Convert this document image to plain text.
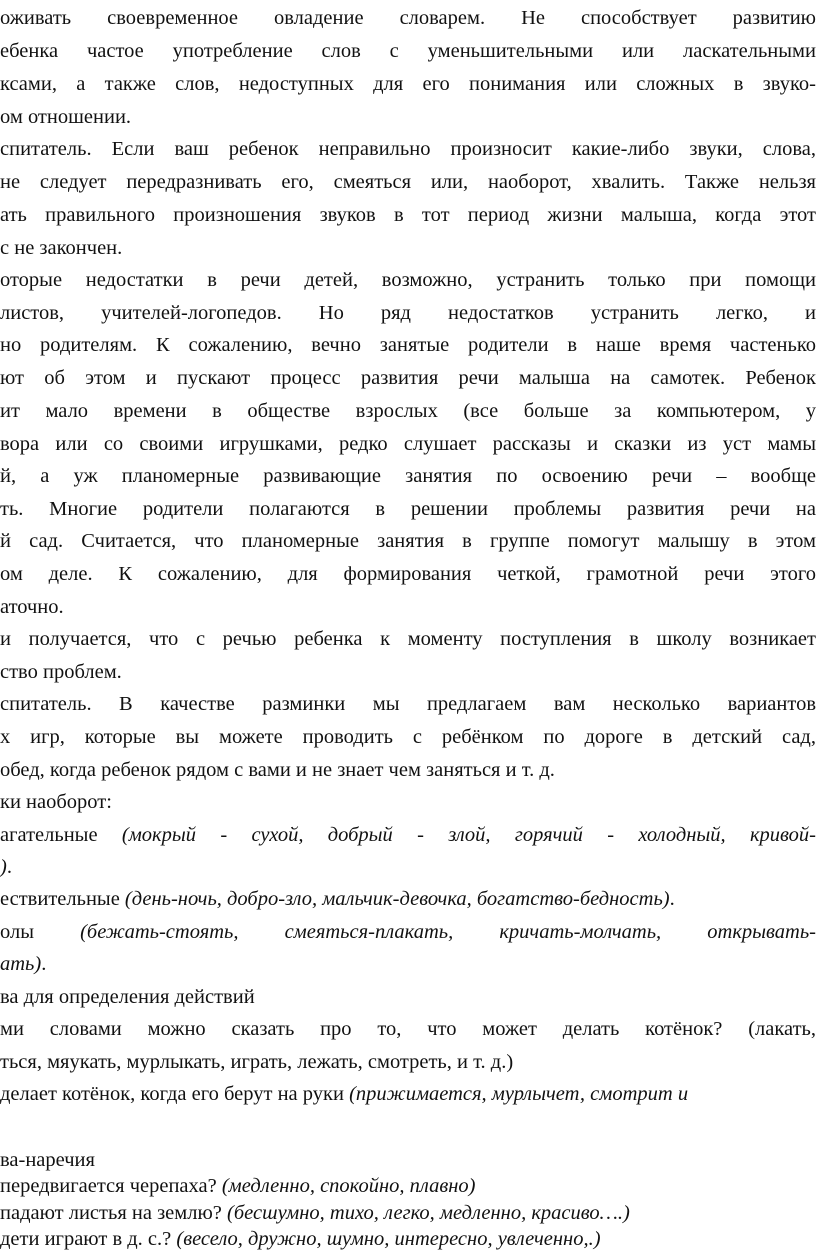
оживать своевременное овладение словарем. Не способствует развитию
ебенка частое употребление слов с уменьшительными или ласкательными
ксами, а также слов, недоступных для его понимания или сложных в звуко-
ом отношении.
спитатель. Если ваш ребенок неправильно произносит какие-либо звуки, слова,
не следует передразнивать его, смеяться или, наоборот, хвалить. Также нельзя
ать правильного произношения звуков в тот период жизни малыша, когда этот
с не закончен.
оторые недостатки в речи детей, возможно, устранить только при помощи
листов, учителей-логопедов. Но ряд недостатков устранить легко, и
но родителям. К сожалению, вечно занятые родители в наше время частенько
ют об этом и пускают процесс развития речи малыша на самотек. Ребенок
ит мало времени в обществе взрослых (все больше за компьютером, у
вора или со своими игрушками, редко слушает рассказы и сказки из уст мамы
й, а уж планомерные развивающие занятия по освоению речи – вообще
ть. Многие родители полагаются в решении проблемы развития речи на
й сад. Считается, что планомерные занятия в группе помогут малышу в этом
ом деле. К сожалению, для формирования четкой, грамотной речи этого
аточно.
и получается, что с речью ребенка к моменту поступления в школу возникает
ство проблем.
спитатель. В качестве разминки мы предлагаем вам несколько вариантов
х игр, которые вы можете проводить с ребёнком по дороге в детский сад,
обед, когда ребенок рядом с вами и не знает чем заняться и т. д.
ки наоборот:
агательные (мокрый - сухой, добрый - злой, горячий - холодный, кривой-
).
ествительные (день-ночь, добро-зло, мальчик-девочка, богатство-бедность).
олы (бежать-стоять, смеяться-плакать, кричать-молчать, открывать-
ать).
ва для определения действий
ми словами можно сказать про то, что может делать котёнок? (лакать,
ться, мяукать, мурлыкать, играть, лежать, смотреть, и т. д.)
делает котёнок, когда его берут на руки (прижимается, мурлычет, смотрит и
ва-наречия
передвигается черепаха? (медленно, спокойно, плавно)
падают листья на землю? (бесшумно, тихо, легко, медленно, красиво….)
дети играют в д. с.? (весело, дружно, шумно, интересно, увлеченно,.)
